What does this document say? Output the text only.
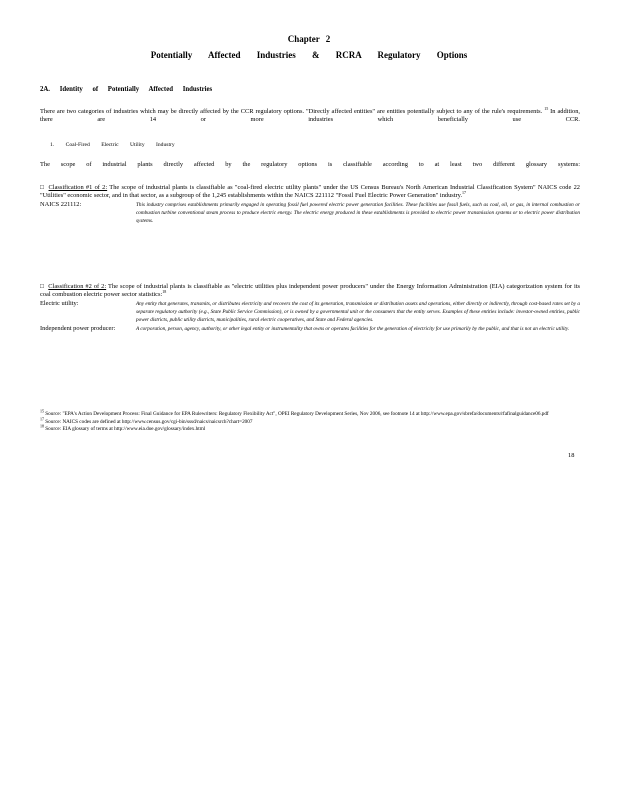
Chapter 2
Potentially Affected Industries & RCRA Regulatory Options
2A. Identity of Potentially Affected Industries
There are two categories of industries which may be directly affected by the CCR regulatory options. "Directly affected entities" are entities potentially subject to any of the rule's requirements. $^{15}$ In addition, there are 14 or more industries which beneficially use CCR.
1. Coal-Fired Electric Utility Industry
The scope of industrial plants directly affected by the regulatory options is classifiable according to at least two different glossary systems:
□ Classification #1 of 2: The scope of industrial plants is classifiable as "coal-fired electric utility plants" under the US Census Bureau's North American Industrial Classification System" NAICS code 22 "Utilities" economic sector, and in that sector, as a subgroup of the 1,245 establishments within the NAICS 221112 "Fossil Fuel Electric Power Generation" industry.$^{17}$
NAICS 221112:	This industry comprises establishments primarily engaged in operating fossil fuel powered electric power generation facilities. These facilities use fossil fuels, such as coal, oil, or gas, in internal combustion or combustion turbine conventional steam process to produce electric energy. The electric energy produced in these establishments is provided to electric power transmission systems or to electric power distribution systems.
□ Classification #2 of 2: The scope of industrial plants is classifiable as "electric utilities plus independent power producers" under the Energy Information Administration (EIA) categorization system for its coal combustion electric power sector statistics:$^{18}$
Electric utility:	Any entity that generates, transmits, or distributes electricity and recovers the cost of its generation, transmission or distribution assets and operations, either directly or indirectly, through cost-based rates set by a separate regulatory authority (e.g., State Public Service Commission), or is owned by a governmental unit or the consumers that the entity serves. Examples of these entities include: investor-owned entities, public power districts, public utility districts, municipalities, rural electric cooperatives, and State and Federal agencies.
Independent power producer:	A corporation, person, agency, authority, or other legal entity or instrumentality that owns or operates facilities for the generation of electricity for use primarily by the public, and that is not an electric utility.
$^{15}$ Source: "EPA's Action Development Process: Final Guidance for EPA Rulewriters: Regulatory Flexibility Act", OPEI Regulatory Development Series, Nov 2006, see footnote 14 at http://www.epa.gov/sbrefa/documents/rfafinalguidance06.pdf
$^{17}$ Source: NAICS codes are defined at http://www.census.gov/cgi-bin/sssd/naics/naicsrch?chart=2007
$^{18}$ Source: EIA glossary of terms at http://www.eia.doe.gov/glossary/index.html
18
